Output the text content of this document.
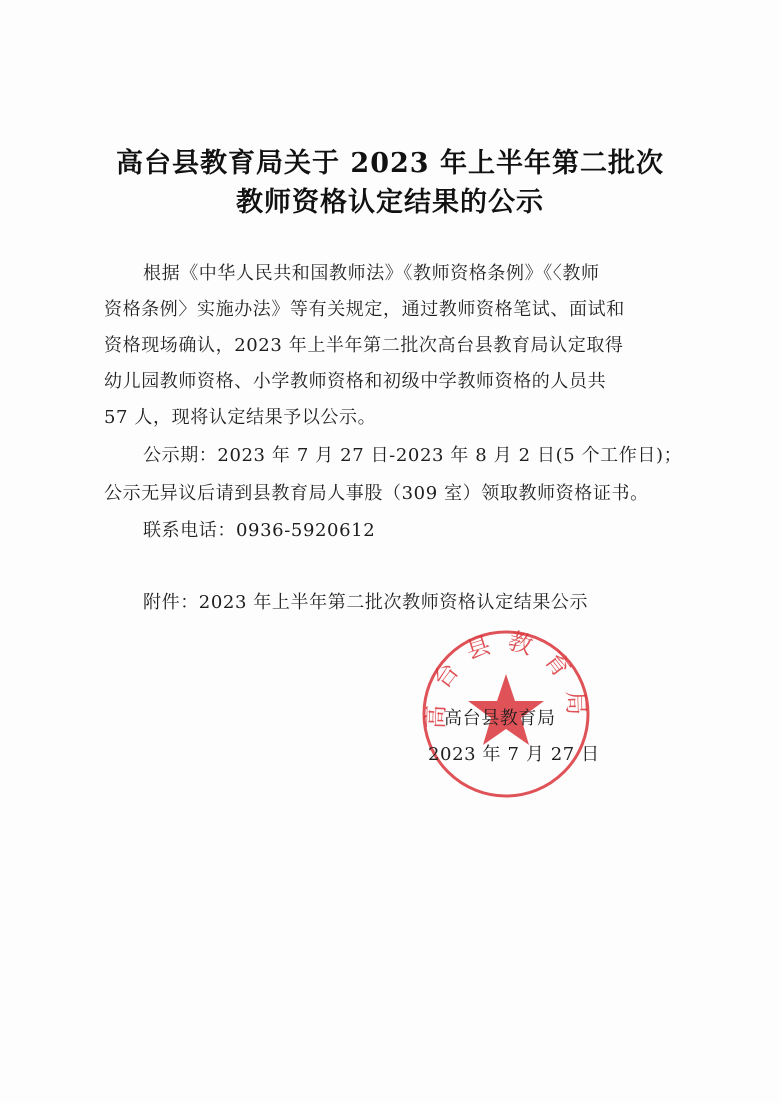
高台县教育局关于 2023 年上半年第二批次
教师资格认定结果的公示
根据《中华人民共和国教师法》《教师资格条例》《〈教师
资格条例〉实施办法》等有关规定，通过教师资格笔试、面试和
资格现场确认，2023 年上半年第二批次高台县教育局认定取得
幼儿园教师资格、小学教师资格和初级中学教师资格的人员共
57 人，现将认定结果予以公示。
公示期：2023 年 7 月 27 日-2023 年 8 月 2 日(5 个工作日)；
公示无异议后请到县教育局人事股（309 室）领取教师资格证书。
联系电话：0936-5920612
附件：2023 年上半年第二批次教师资格认定结果公示
高台县教育局
高台县教育局
2023 年 7 月 27 日
